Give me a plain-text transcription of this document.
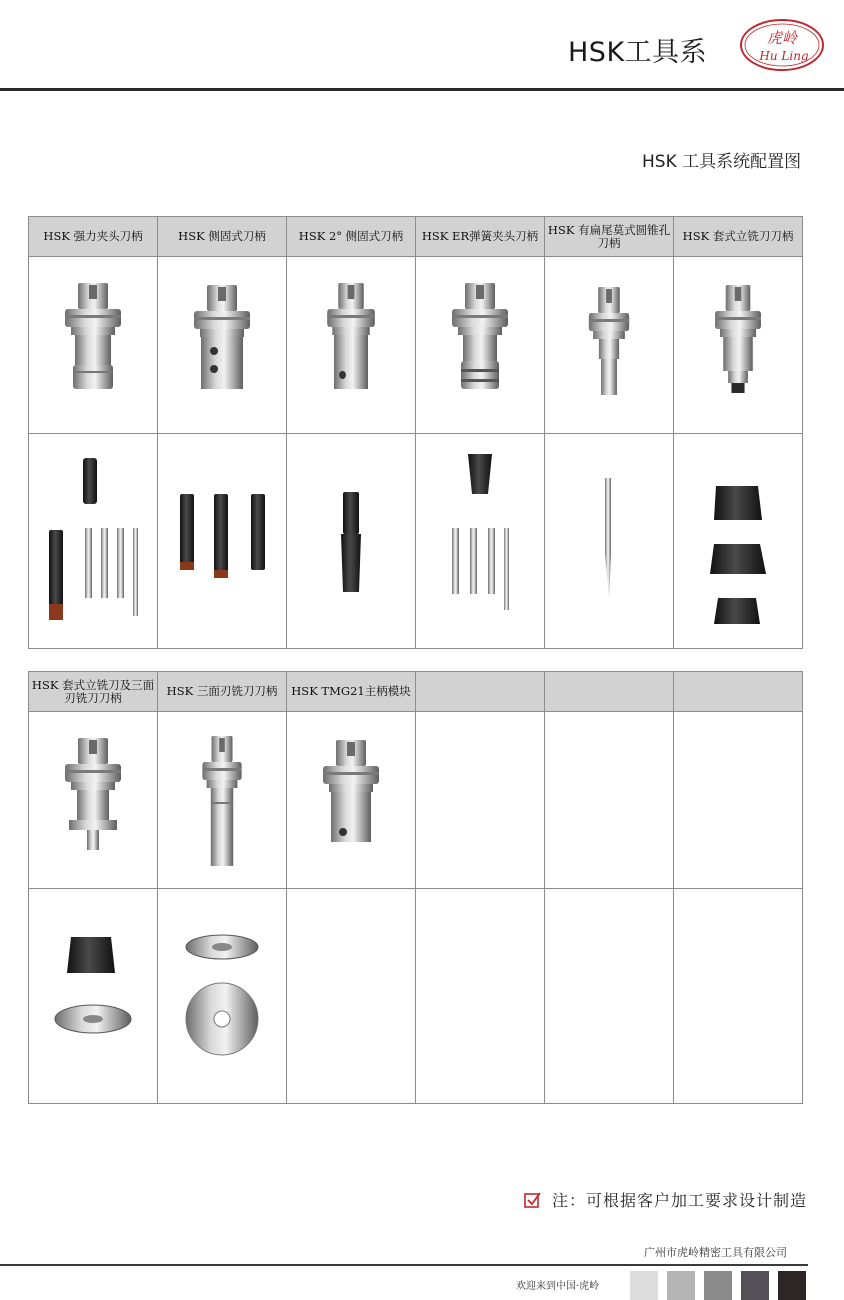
HSK工具系	虎岭
Hu Ling
HSK 工具系统配置图
HSK 强力夹头刀柄	HSK 侧固式刀柄	HSK 2° 侧固式刀柄	HSK ER弹簧夹头刀柄	HSK 有扁尾莫式圆锥孔刀柄	HSK 套式立铣刀刀柄

HSK 套式立铣刀及三面刃铣刀刀柄	HSK 三面刃铣刀刀柄	HSK TMG21主柄模块			

注：可根据客户加工要求设计制造
广州市虎岭精密工具有限公司
欢迎来到中国·虎岭
